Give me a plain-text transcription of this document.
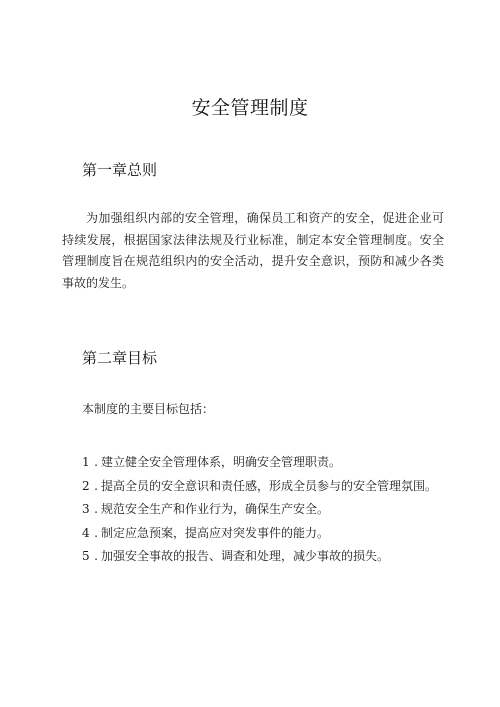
安全管理制度
第一章总则

为加强组织内部的安全管理，确保员工和资产的安全，促进企业可持续发展，根据国家法律法规及行业标准，制定本安全管理制度。安全管理制度旨在规范组织内的安全活动，提升安全意识，预防和减少各类事故的发生。

第二章目标
本制度的主要目标包括：
1 . 建立健全安全管理体系，明确安全管理职责。
2 . 提高全员的安全意识和责任感，形成全员参与的安全管理氛围。
3 . 规范安全生产和作业行为，确保生产安全。
4 . 制定应急预案，提高应对突发事件的能力。
5 . 加强安全事故的报告、调查和处理，减少事故的损失。
